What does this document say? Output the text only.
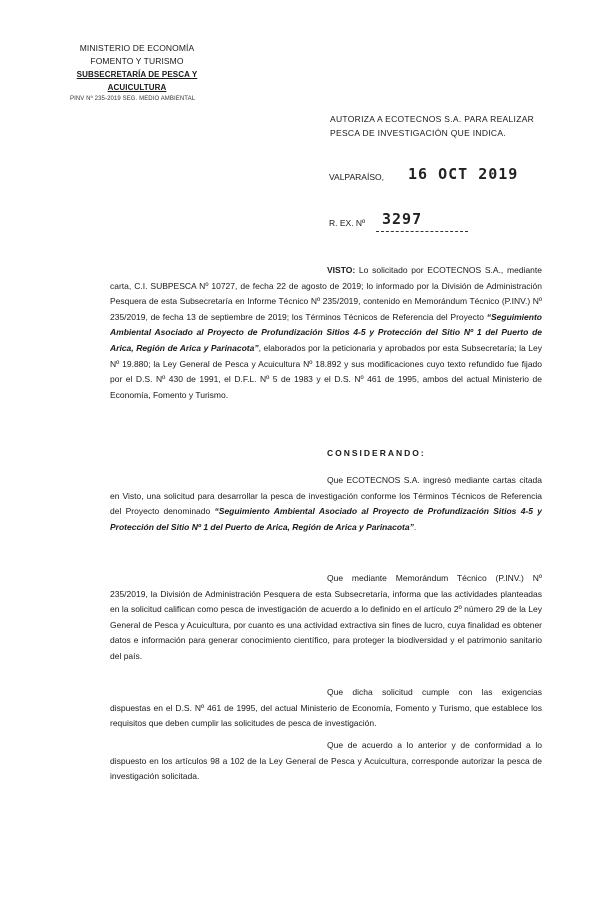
MINISTERIO DE ECONOMÍA
FOMENTO Y TURISMO
SUBSECRETARÍA DE PESCA Y ACUICULTURA
PINV Nº 235-2019 SEG. MEDIO AMBIENTAL
AUTORIZA A ECOTECNOS S.A. PARA REALIZAR PESCA DE INVESTIGACIÓN QUE INDICA.
VALPARAÍSO, 16 OCT 2019
R. EX. Nº 3297

VISTO: Lo solicitado por ECOTECNOS S.A., mediante carta, C.I. SUBPESCA Nº 10727, de fecha 22 de agosto de 2019; lo informado por la División de Administración Pesquera de esta Subsecretaría en Informe Técnico Nº 235/2019, contenido en Memorándum Técnico (P.INV.) Nº 235/2019, de fecha 13 de septiembre de 2019; los Términos Técnicos de Referencia del Proyecto “Seguimiento Ambiental Asociado al Proyecto de Profundización Sitios 4-5 y Protección del Sitio Nº 1 del Puerto de Arica, Región de Arica y Parinacota”, elaborados por la peticionaria y aprobados por esta Subsecretaría; la Ley Nº 19.880; la Ley General de Pesca y Acuicultura Nº 18.892 y sus modificaciones cuyo texto refundido fue fijado por el D.S. Nº 430 de 1991, el D.F.L. Nº 5 de 1983 y el D.S. Nº 461 de 1995, ambos del actual Ministerio de Economía, Fomento y Turismo.

CONSIDERANDO:

Que ECOTECNOS S.A. ingresó mediante cartas citada en Visto, una solicitud para desarrollar la pesca de investigación conforme los Términos Técnicos de Referencia del Proyecto denominado “Seguimiento Ambiental Asociado al Proyecto de Profundización Sitios 4-5 y Protección del Sitio Nº 1 del Puerto de Arica, Región de Arica y Parinacota”.

Que mediante Memorándum Técnico (P.INV.) Nº 235/2019, la División de Administración Pesquera de esta Subsecretaría, informa que las actividades planteadas en la solicitud califican como pesca de investigación de acuerdo a lo definido en el artículo 2º número 29 de la Ley General de Pesca y Acuicultura, por cuanto es una actividad extractiva sin fines de lucro, cuya finalidad es obtener datos e información para generar conocimiento científico, para proteger la biodiversidad y el patrimonio sanitario del país.

Que dicha solicitud cumple con las exigencias dispuestas en el D.S. Nº 461 de 1995, del actual Ministerio de Economía, Fomento y Turismo, que establece los requisitos que deben cumplir las solicitudes de pesca de investigación.

Que de acuerdo a lo anterior y de conformidad a lo dispuesto en los artículos 98 a 102 de la Ley General de Pesca y Acuicultura, corresponde autorizar la pesca de investigación solicitada.
